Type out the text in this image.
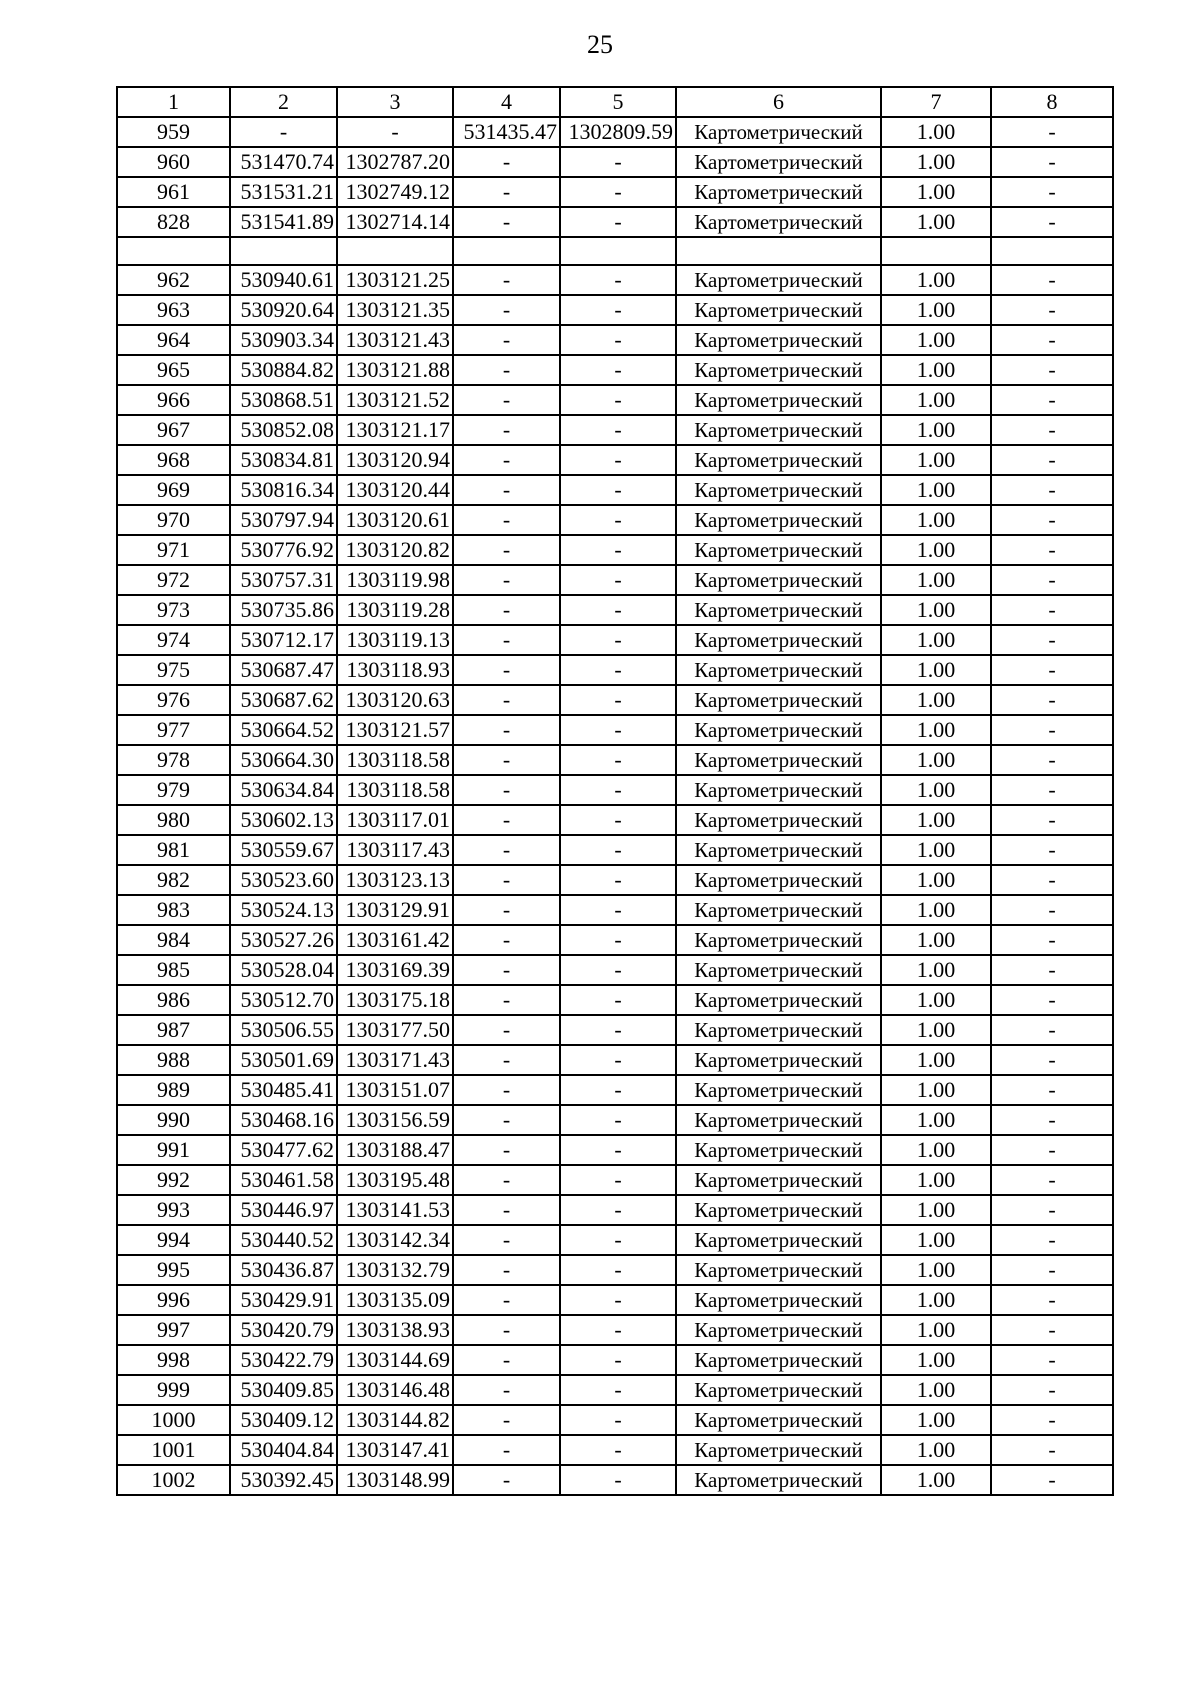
25
1	2	3	4	5	6	7	8
959	-	-	531435.47	1302809.59	Картометрический	1.00	-
960	531470.74	1302787.20	-	-	Картометрический	1.00	-
961	531531.21	1302749.12	-	-	Картометрический	1.00	-
828	531541.89	1302714.14	-	-	Картометрический	1.00	-

962	530940.61	1303121.25	-	-	Картометрический	1.00	-
963	530920.64	1303121.35	-	-	Картометрический	1.00	-
964	530903.34	1303121.43	-	-	Картометрический	1.00	-
965	530884.82	1303121.88	-	-	Картометрический	1.00	-
966	530868.51	1303121.52	-	-	Картометрический	1.00	-
967	530852.08	1303121.17	-	-	Картометрический	1.00	-
968	530834.81	1303120.94	-	-	Картометрический	1.00	-
969	530816.34	1303120.44	-	-	Картометрический	1.00	-
970	530797.94	1303120.61	-	-	Картометрический	1.00	-
971	530776.92	1303120.82	-	-	Картометрический	1.00	-
972	530757.31	1303119.98	-	-	Картометрический	1.00	-
973	530735.86	1303119.28	-	-	Картометрический	1.00	-
974	530712.17	1303119.13	-	-	Картометрический	1.00	-
975	530687.47	1303118.93	-	-	Картометрический	1.00	-
976	530687.62	1303120.63	-	-	Картометрический	1.00	-
977	530664.52	1303121.57	-	-	Картометрический	1.00	-
978	530664.30	1303118.58	-	-	Картометрический	1.00	-
979	530634.84	1303118.58	-	-	Картометрический	1.00	-
980	530602.13	1303117.01	-	-	Картометрический	1.00	-
981	530559.67	1303117.43	-	-	Картометрический	1.00	-
982	530523.60	1303123.13	-	-	Картометрический	1.00	-
983	530524.13	1303129.91	-	-	Картометрический	1.00	-
984	530527.26	1303161.42	-	-	Картометрический	1.00	-
985	530528.04	1303169.39	-	-	Картометрический	1.00	-
986	530512.70	1303175.18	-	-	Картометрический	1.00	-
987	530506.55	1303177.50	-	-	Картометрический	1.00	-
988	530501.69	1303171.43	-	-	Картометрический	1.00	-
989	530485.41	1303151.07	-	-	Картометрический	1.00	-
990	530468.16	1303156.59	-	-	Картометрический	1.00	-
991	530477.62	1303188.47	-	-	Картометрический	1.00	-
992	530461.58	1303195.48	-	-	Картометрический	1.00	-
993	530446.97	1303141.53	-	-	Картометрический	1.00	-
994	530440.52	1303142.34	-	-	Картометрический	1.00	-
995	530436.87	1303132.79	-	-	Картометрический	1.00	-
996	530429.91	1303135.09	-	-	Картометрический	1.00	-
997	530420.79	1303138.93	-	-	Картометрический	1.00	-
998	530422.79	1303144.69	-	-	Картометрический	1.00	-
999	530409.85	1303146.48	-	-	Картометрический	1.00	-
1000	530409.12	1303144.82	-	-	Картометрический	1.00	-
1001	530404.84	1303147.41	-	-	Картометрический	1.00	-
1002	530392.45	1303148.99	-	-	Картометрический	1.00	-
